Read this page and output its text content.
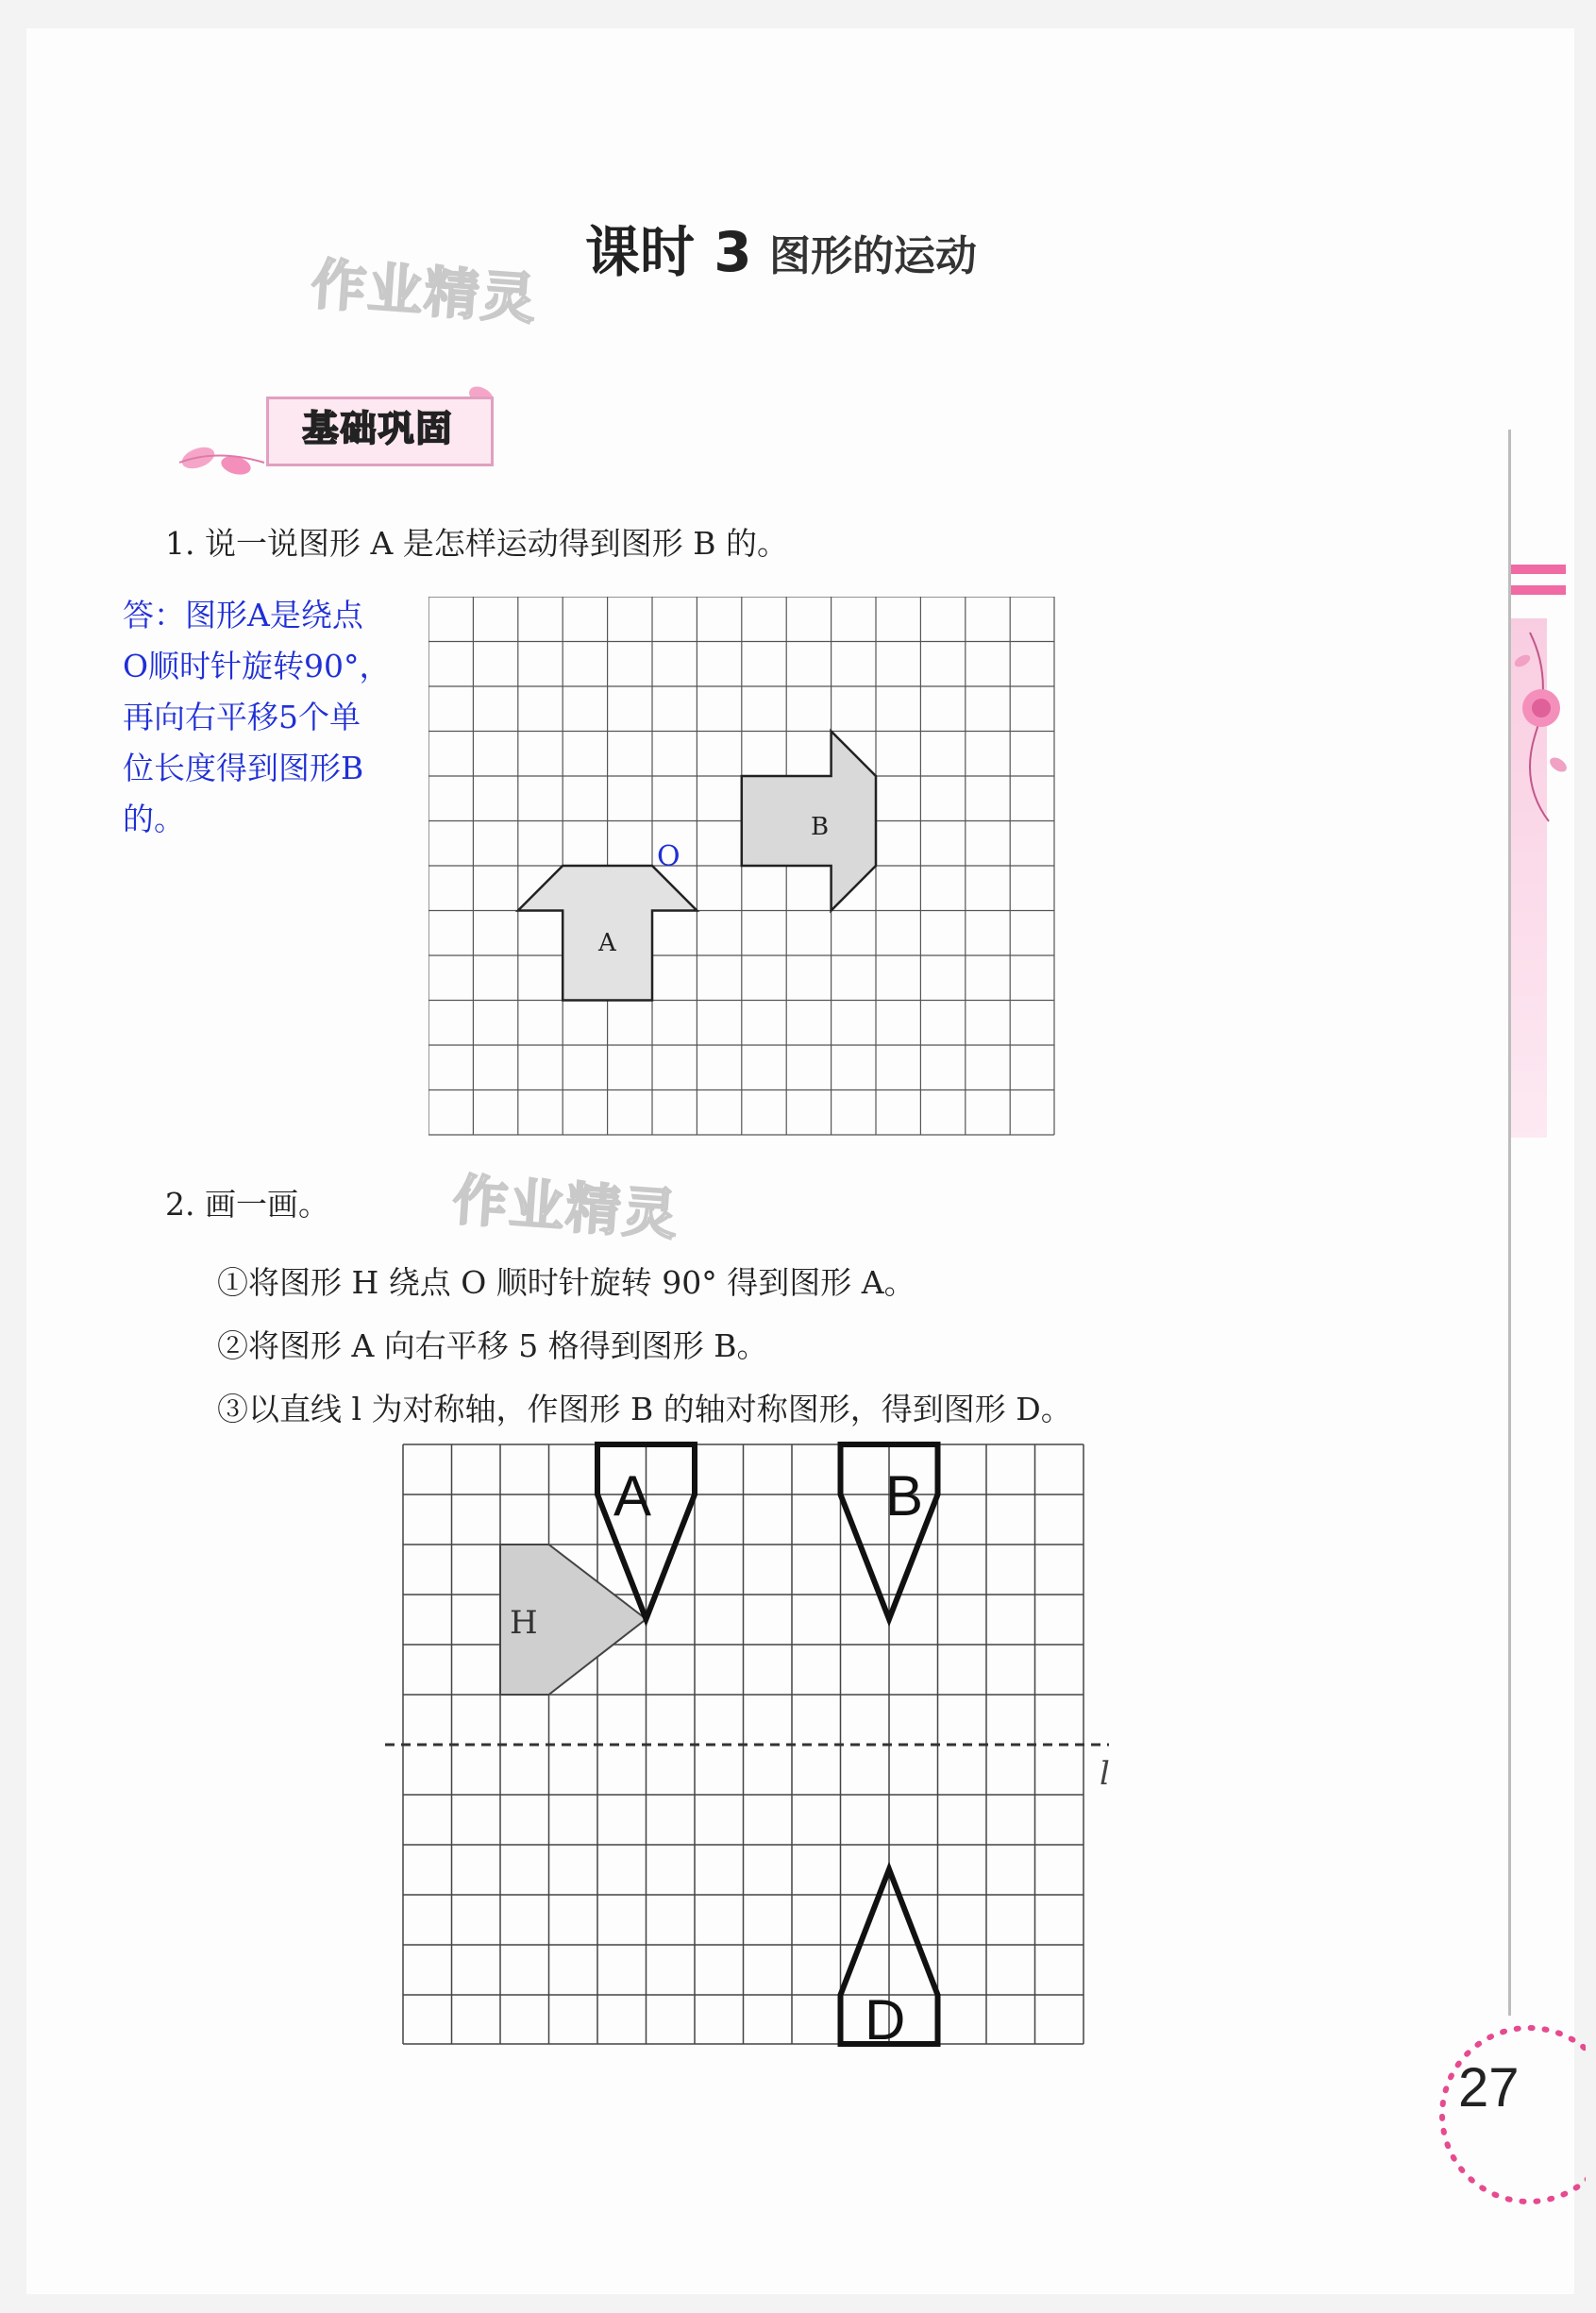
课时 3 图形的运动
作业精灵
基础巩固
1. 说一说图形 A 是怎样运动得到图形 B 的。
答：图形A是绕点
O顺时针旋转90°，
再向右平移5个单
位长度得到图形B
的。	B
A
O
2. 画一画。 作业精灵
①将图形 H 绕点 O 顺时针旋转 90° 得到图形 A。
②将图形 A 向右平移 5 格得到图形 B。
③以直线 l 为对称轴，作图形 B 的轴对称图形，得到图形 D。
l
H
A	B
D
27
